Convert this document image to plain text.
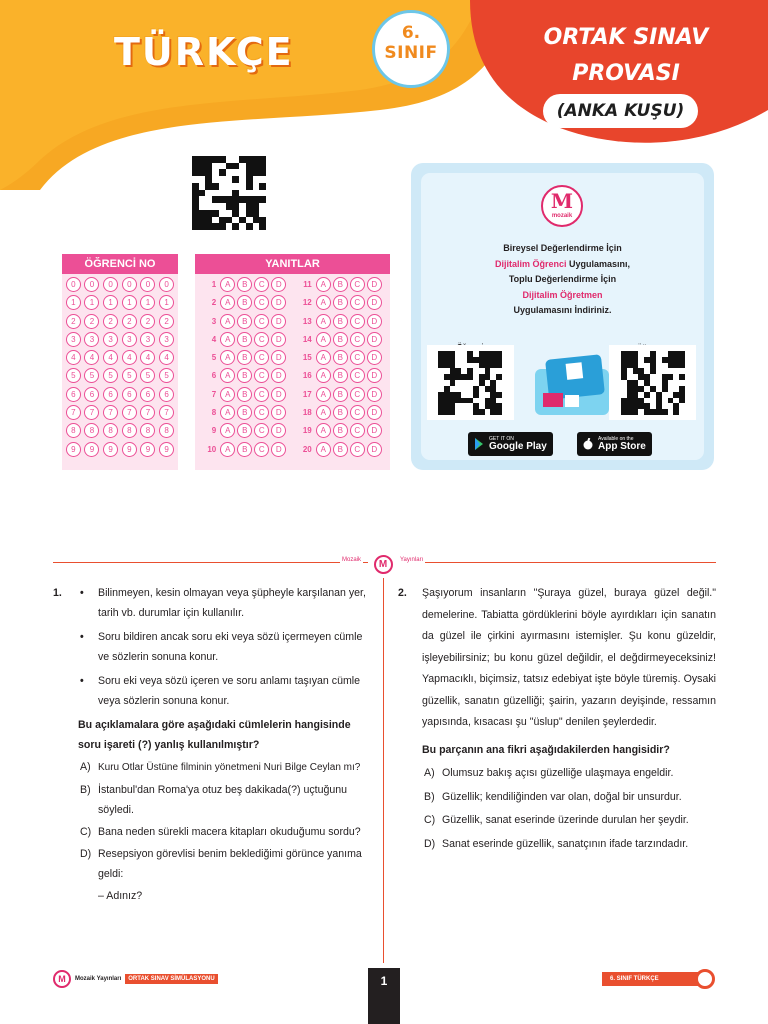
TÜRKÇE	6.
SINIF
ORTAK SINAV
PROVASI
(ANKA KUŞU)
ÖĞRENCİ NO
0	0	0	0	0	0
1	1	1	1	1	1
2	2	2	2	2	2
3	3	3	3	3	3
4	4	4	4	4	4
5	5	5	5	5	5
6	6	6	6	6	6
7	7	7	7	7	7
8	8	8	8	8	8
9	9	9	9	9	9
YANITLAR
1	A	B	C	D	11	A	B	C	D
2	A	B	C	D	12	A	B	C	D
3	A	B	C	D	13	A	B	C	D
4	A	B	C	D	14	A	B	C	D
5	A	B	C	D	15	A	B	C	D
6	A	B	C	D	16	A	B	C	D
7	A	B	C	D	17	A	B	C	D
8	A	B	C	D	18	A	B	C	D
9	A	B	C	D	19	A	B	C	D
10	A	B	C	D	20	A	B	C	D
M
mozaik
Bireysel Değerlendirme İçin
Dijitalim Öğrenci Uygulamasını,
Toplu Değerlendirme İçin
Dijitalim Öğretmen
Uygulamasını İndiriniz.
GET IT ON
Google Play
Available on the
App Store
Mozaik	M	Yayınları
1. • Bilinmeyen, kesin olmayan veya şüpheyle karşılanan yer, tarih vb. durumlar için kullanılır.
• Soru bildiren ancak soru eki veya sözü içermeyen cümle ve sözlerin sonuna konur.
• Soru eki veya sözü içeren ve soru anlamı taşıyan cümle veya sözlerin sonuna konur.

Bu açıklamalara göre aşağıdaki cümlelerin hangisinde soru işareti (?) yanlış kullanılmıştır?

A) Kuru Otlar Üstüne filminin yönetmeni Nuri Bilge Ceylan mı?
B) İstanbul'dan Roma'ya otuz beş dakikada(?) uçtuğunu söyledi.
C) Bana neden sürekli macera kitapları okuduğumu sordu?
D) Resepsiyon görevlisi benim beklediğimi görünce yanıma geldi:
– Adınız?
2. Şaşıyorum insanların "Şuraya güzel, buraya güzel değil." demelerine. Tabiatta gördüklerini böyle ayırdıkları için sanatın da güzel ile çirkini ayırmasını istemişler. Şu konu güzeldir, işleyebilirsiniz; bu konu güzel değildir, el değdirmeyeceksiniz! Yapmacıklı, biçimsiz, tatsız edebiyat işte böyle türemiş. Oysaki güzellik, sanatın güzelliği; şairin, yazarın deyişinde, ressamın yapısında, kısacası şu "üslup" denilen şeylerdedir.

Bu parçanın ana fikri aşağıdakilerden hangisidir?

A) Olumsuz bakış açısı güzelliğe ulaşmaya engeldir.
B) Güzellik; kendiliğinden var olan, doğal bir unsurdur.
C) Güzellik, sanat eserinde üzerinde durulan her şeydir.
D) Sanat eserinde güzellik, sanatçının ifade tarzındadır.
M	Mozaik Yayınları	ORTAK SINAV SİMÜLASYONU	1	6. SINIF TÜRKÇE
